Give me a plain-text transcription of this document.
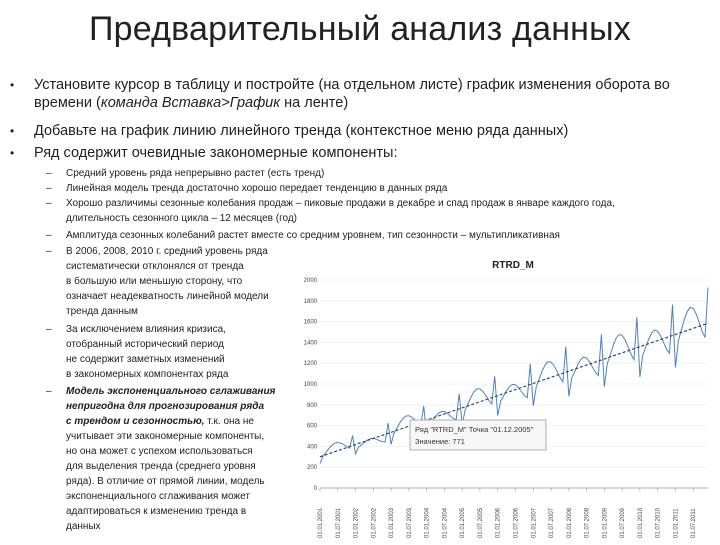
Предварительный анализ данных
• Установите курсор в таблицу и постройте (на отдельном листе) график изменения оборота во времени (команда Вставка>График на ленте)
• Добавьте на график линию линейного тренда (контекстное меню ряда данных)
• Ряд содержит очевидные закономерные компоненты:
– Средний уровень ряда непрерывно растет (есть тренд)
– Линейная модель тренда достаточно хорошо передает тенденцию в данных ряда
– Хорошо различимы сезонные колебания продаж – пиковые продажи в декабре и спад продаж в январе каждого года,
длительность сезонного цикла – 12 месяцев (год)
– Амплитуда сезонных колебаний растет вместе со средним уровнем, тип сезонности – мультипликативная
– В 2006, 2008, 2010 г. средний уровень ряда
систематически отклонялся от тренда
в большую или меньшую сторону, что
означает неадекватность линейной модели
тренда данным
– За исключением влияния кризиса,
отобранный исторический период
не содержит заметных изменений
в закономерных компонентах ряда
– Модель экспоненциального сглаживания
непригодна для прогнозирования ряда
с трендом и сезонностью, т.к. она не
учитывает эти закономерные компоненты,
но она может с успехом использоваться
для выделения тренда (среднего уровня
ряда). В отличие от прямой линии, модель
экспоненциального сглаживания может
адаптироваться к изменению тренда в
данных
0
200
400
600
800
1000
1200
1400
1600
1800
2000
01.01.2001 01.07.2001 01.01.2002 01.07.2002 01.01.2003 01.07.2003 01.01.2004 01.07.2004 01.01.2005 01.07.2005 01.01.2006 01.07.2006 01.01.2007 01.07.2007 01.01.2008 01.07.2008 01.01.2009 01.07.2009 01.01.2010 01.07.2010 01.01.2011 01.07.2011
RTRD_M
Ряд "RTRD_M" Точка "01.12.2005"
Значение: 771
